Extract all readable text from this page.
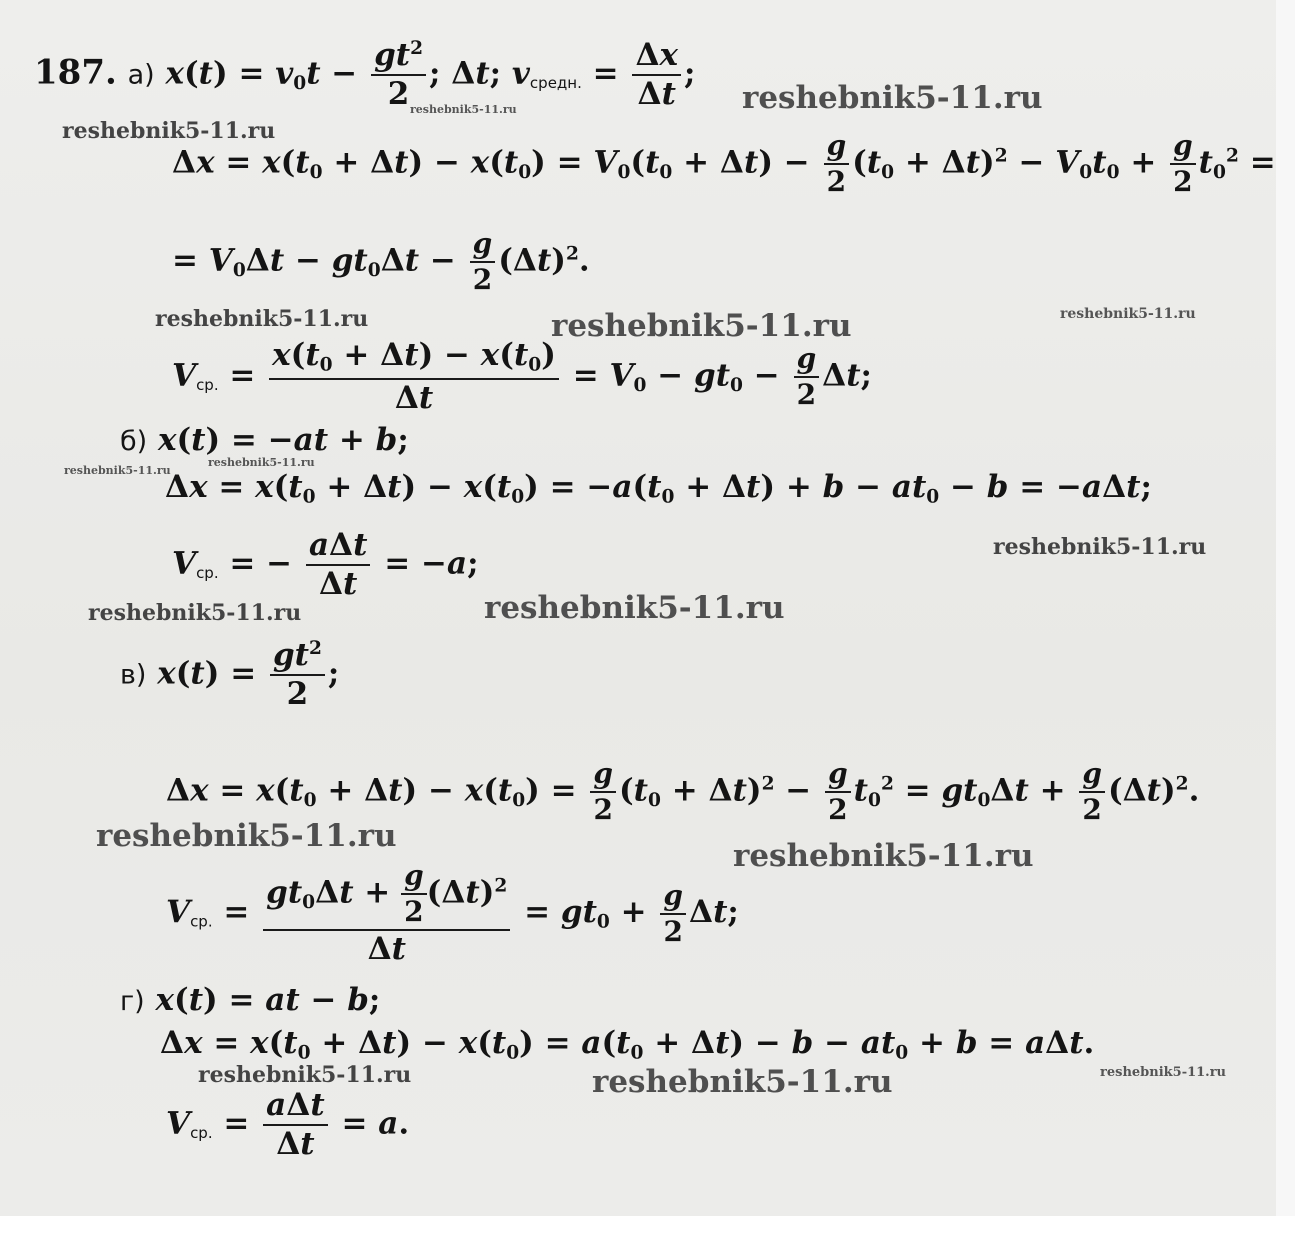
187. а) $x(t) = v_0t - \frac{gt^2}{2}$ ; Δt; $v_{средн.} = \frac{\Delta x}{\Delta t}$ ;
$\Delta x = x(t_0 + \Delta t) - x(t_0) = V_0(t_0 + \Delta t) - \frac{g}{2} (t_0 + \Delta t)^2 - V_0t_0 + \frac{g}{2} t_0^2$ =
= $V_0\Delta t - gt_0\Delta t - \frac{g}{2} (\Delta t)^2$.
$V_{ср.} = \frac{x(t_0 + \Delta t) - x(t_0)}{\Delta t} = V_0 - gt_0 - \frac{g}{2} \Delta t$;
б) x(t) = −at + b;
$\Delta x = x(t_0 + \Delta t) - x(t_0) = -a(t_0 + \Delta t) + b - at_0 - b = -a\Delta t$;
$V_{ср.}$ = −
aΔt
Δt
= −a;
в) $x(t) = \frac{gt^2}{2}$ ;
$\Delta x = x(t_0 + \Delta t) - x(t_0) = \frac{g}{2} (t_0 + \Delta t)^2 - \frac{g}{2} t_0^2 = gt_0\Delta t + \frac{g}{2} (\Delta t)^2$.
$V_{ср.} = \frac{gt_0\Delta t + \frac{g}{2} (\Delta t)^2}{\Delta t} = gt_0 + \frac{g}{2} \Delta t$;
г) x(t) = at − b;
$\Delta x = x(t_0 + \Delta t) - x(t_0) = a(t_0 + \Delta t) - b - at_0 + b = a\Delta t$.
$V_{ср.}$ =
aΔt
Δt
= a.
reshebnik5-11.ru
reshebnik5-11.ru
reshebnik5-11.ru
reshebnik5-11.ru	reshebnik5-11.ru	reshebnik5-11.ru
reshebnik5-11.ru
reshebnik5-11.ru
reshebnik5-11.ru
reshebnik5-11.ru	reshebnik5-11.ru
reshebnik5-11.ru
reshebnik5-11.ru
reshebnik5-11.ru	reshebnik5-11.ru	reshebnik5-11.ru
